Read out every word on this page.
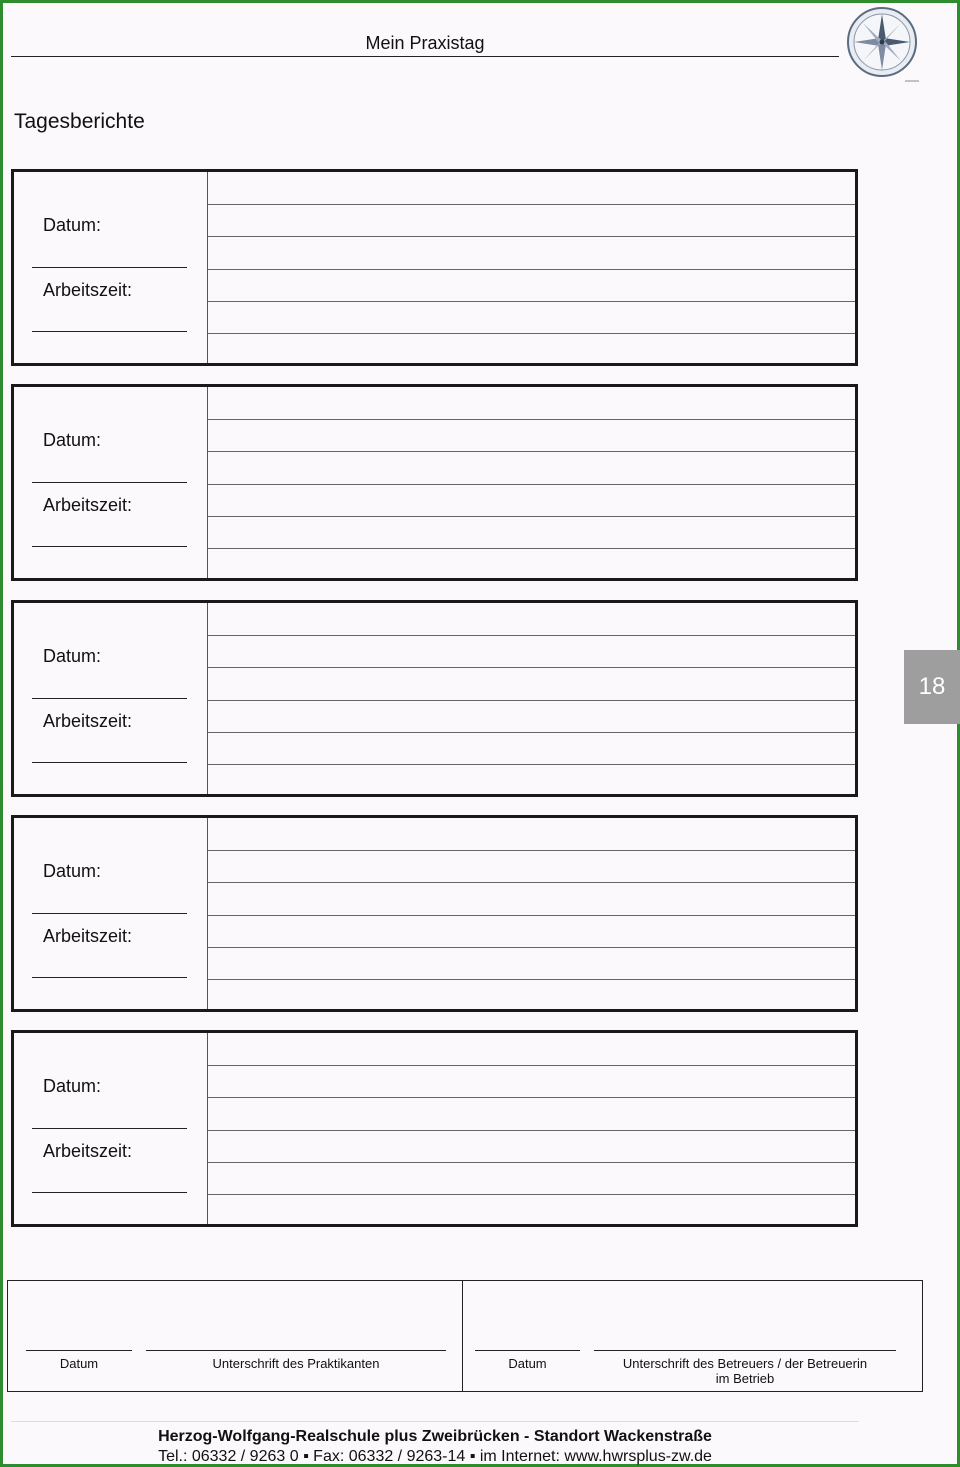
Mein Praxistag
Tagesberichte
Datum:
Arbeitszeit:
Datum:
Arbeitszeit:
Datum:
Arbeitszeit:
Datum:
Arbeitszeit:
Datum:
Arbeitszeit:
18
Datum	Unterschrift des Praktikanten	Datum	Unterschrift des Betreuers / der Betreuerin
im Betrieb
Herzog-Wolfgang-Realschule plus Zweibrücken - Standort Wackenstraße
Tel.: 06332 / 9263 0 ▪ Fax: 06332 / 9263-14 ▪ im Internet: www.hwrsplus-zw.de
